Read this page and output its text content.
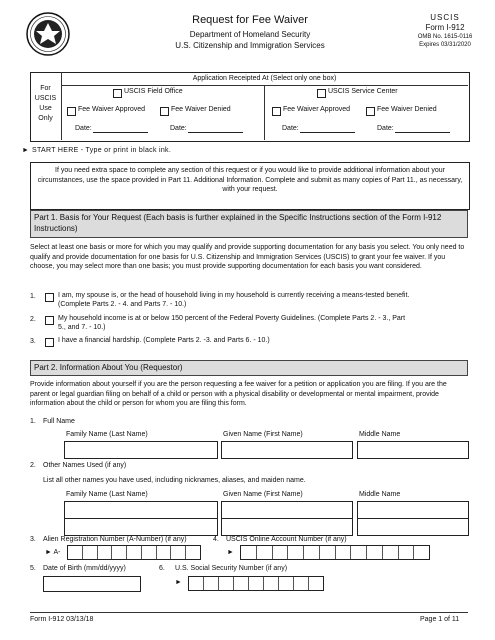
Request for Fee Waiver
Department of Homeland Security
U.S. Citizenship and Immigration Services
USCIS
Form I-912
OMB No. 1615-0116
Expires 03/31/2020
For
USCIS
Use
Only
Application Receipted At (Select only one box)
USCIS Field Office	USCIS Service Center
Fee Waiver Approved	Fee Waiver Denied	Fee Waiver Approved	Fee Waiver Denied
Date:	Date:	Date:	Date:
START HERE - Type or print in black ink.
►
If you need extra space to complete any section of this request or if you would like to provide additional information about your circumstances, use the space provided in Part 11. Additional Information. Complete and submit as many copies of Part 11., as necessary, with your request.
Part 1. Basis for Your Request (Each basis is further explained in the Specific Instructions section of the Form I-912 Instructions)
Select at least one basis or more for which you may qualify and provide supporting documentation for any basis you select. You only need to qualify and provide documentation for one basis for U.S. Citizenship and Immigration Services (USCIS) to grant your fee waiver. If you choose, you may select more than one basis; you must provide supporting documentation for each basis you want considered.
1.	I am, my spouse is, or the head of household living in my household is currently receiving a means-tested benefit.
(Complete Parts 2. - 4. and Parts 7. - 10.)
2.	My household income is at or below 150 percent of the Federal Poverty Guidelines. (Complete Parts 2. - 3., Part
5., and 7. - 10.)
3.	I have a financial hardship. (Complete Parts 2. -3. and Parts 6. - 10.)
Part 2. Information About You (Requestor)
Provide information about yourself if you are the person requesting a fee waiver for a petition or application you are filing. If you are the parent or legal guardian filing on behalf of a child or person with a physical disability or developmental or mental impairment, provide information about the child or person for whom you are filing this form.
1. Full Name
Family Name (Last Name)	Given Name (First Name)	Middle Name
2. Other Names Used (if any)
List all other names you have used, including nicknames, aliases, and maiden name.
Family Name (Last Name)	Given Name (First Name)	Middle Name
3. Alien Registration Number (A-Number) (if any)
► A-
4. USCIS Online Account Number (if any)
►
5. Date of Birth (mm/dd/yyyy)	6. U.S. Social Security Number (if any)
►
Form I-912 03/13/18	Page 1 of 11
